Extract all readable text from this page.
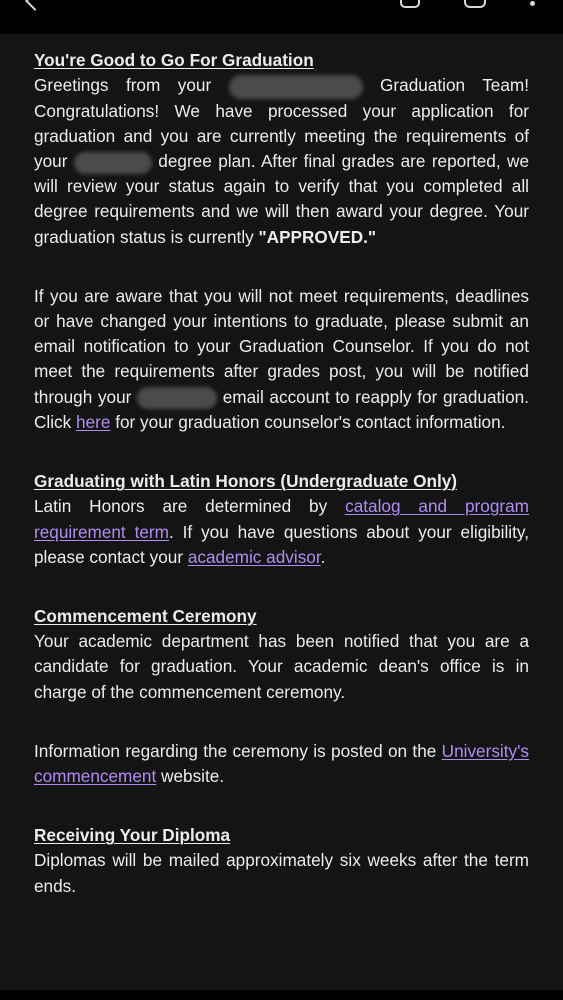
You're Good to Go For Graduation

Greetings from your	Graduation Team! Congratulations! We have processed your application for graduation and you are currently meeting the requirements of your	degree plan. After final grades are reported, we will review your status again to verify that you completed all degree requirements and we will then award your degree. Your graduation status is currently "APPROVED."

If you are aware that you will not meet requirements, deadlines or have changed your intentions to graduate, please submit an email notification to your Graduation Counselor. If you do not meet the requirements after grades post, you will be notified through your	email account to reapply for graduation. Click here for your graduation counselor's contact information.

Graduating with Latin Honors (Undergraduate Only)

Latin Honors are determined by catalog and program requirement term. If you have questions about your eligibility, please contact your academic advisor.

Commencement Ceremony

Your academic department has been notified that you are a candidate for graduation. Your academic dean's office is in charge of the commencement ceremony.

Information regarding the ceremony is posted on the University's commencement website.

Receiving Your Diploma

Diplomas will be mailed approximately six weeks after the term ends.
